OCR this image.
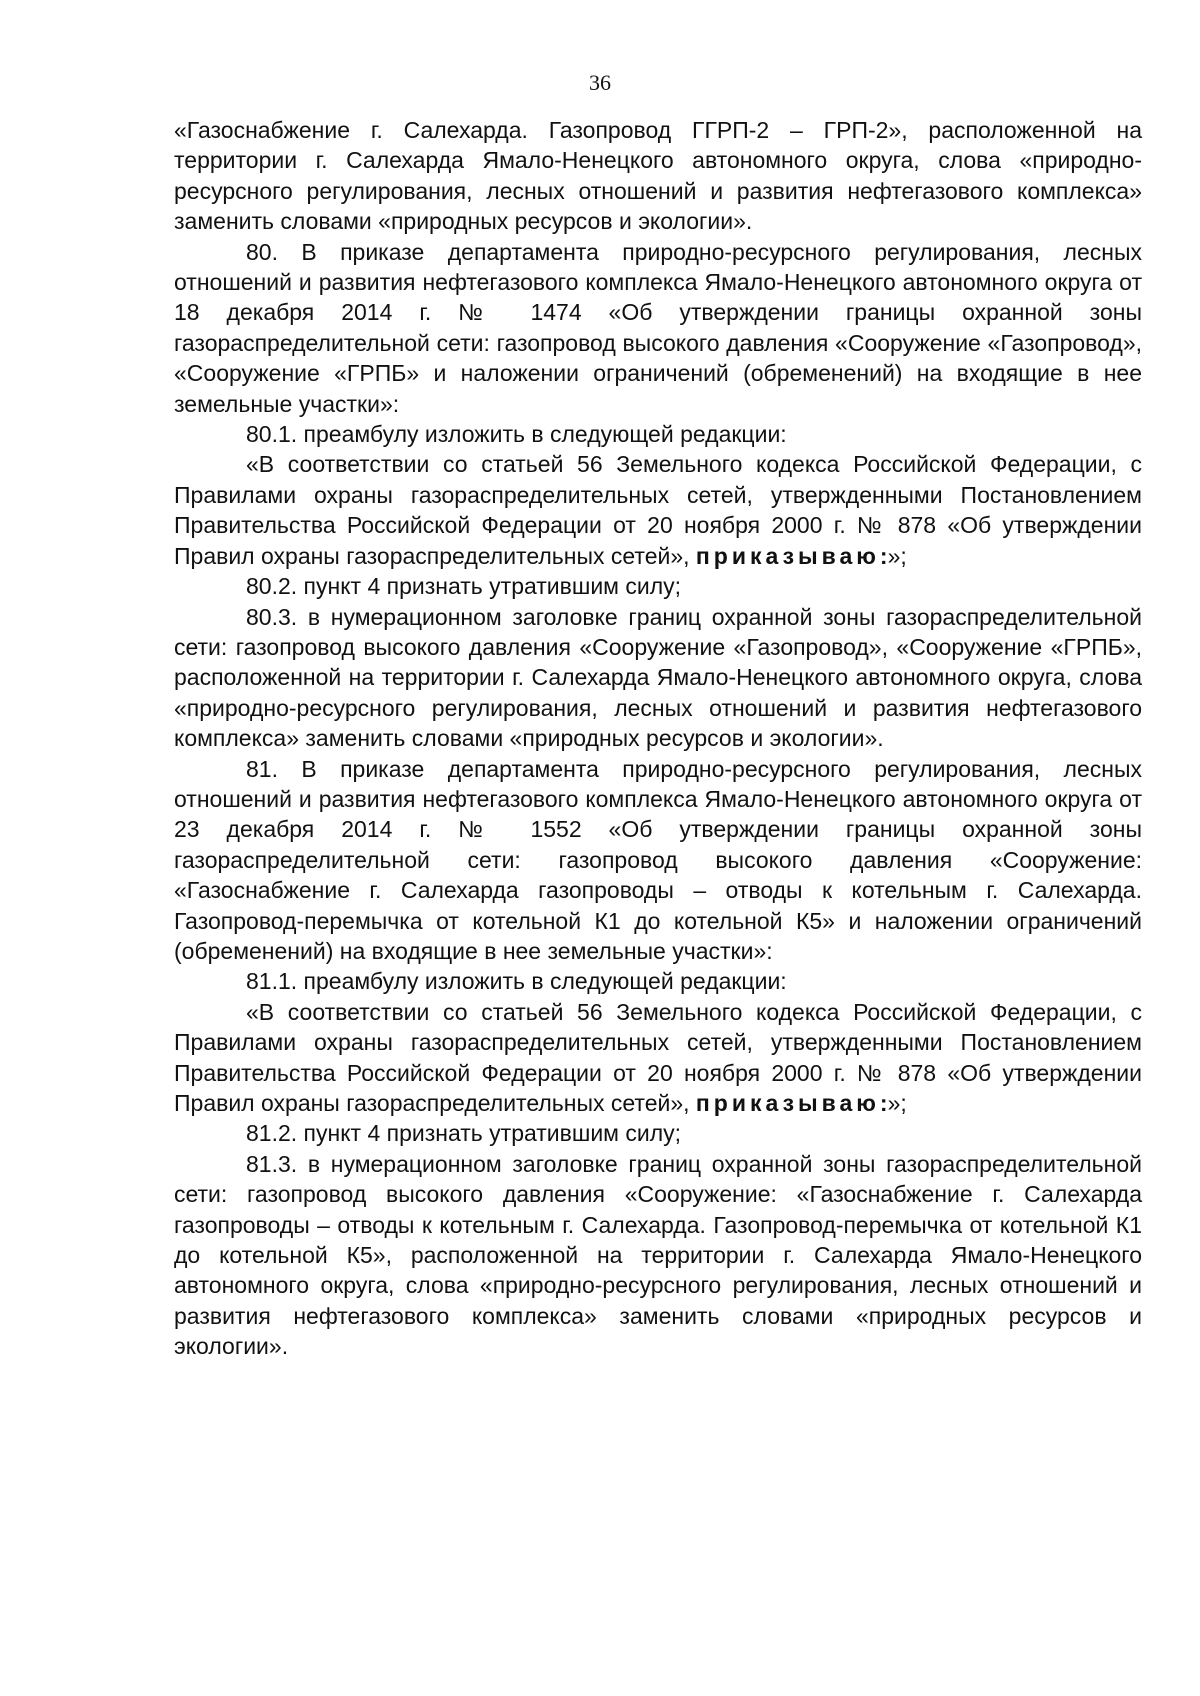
36

«Газоснабжение г. Салехарда. Газопровод ГГРП-2 – ГРП-2», расположенной на территории г. Салехарда Ямало-Ненецкого автономного округа, слова «природно-ресурсного регулирования, лесных отношений и развития нефтегазового комплекса» заменить словами «природных ресурсов и экологии».

80. В приказе департамента природно-ресурсного регулирования, лесных отношений и развития нефтегазового комплекса Ямало-Ненецкого автономного округа от 18 декабря 2014 г. № 1474 «Об утверждении границы охранной зоны газораспределительной сети: газопровод высокого давления «Сооружение «Газопровод», «Сооружение «ГРПБ» и наложении ограничений (обременений) на входящие в нее земельные участки»:

80.1. преамбулу изложить в следующей редакции:

«В соответствии со статьей 56 Земельного кодекса Российской Федерации, с Правилами охраны газораспределительных сетей, утвержденными Постановлением Правительства Российской Федерации от 20 ноября 2000 г. № 878 «Об утверждении Правил охраны газораспределительных сетей», приказываю:»;

80.2. пункт 4 признать утратившим силу;

80.3. в нумерационном заголовке границ охранной зоны газораспределительной сети: газопровод высокого давления «Сооружение «Газопровод», «Сооружение «ГРПБ», расположенной на территории г. Салехарда Ямало-Ненецкого автономного округа, слова «природно-ресурсного регулирования, лесных отношений и развития нефтегазового комплекса» заменить словами «природных ресурсов и экологии».

81. В приказе департамента природно-ресурсного регулирования, лесных отношений и развития нефтегазового комплекса Ямало-Ненецкого автономного округа от 23 декабря 2014 г. № 1552 «Об утверждении границы охранной зоны газораспределительной сети: газопровод высокого давления «Сооружение: «Газоснабжение г. Салехарда газопроводы – отводы к котельным г. Салехарда. Газопровод-перемычка от котельной К1 до котельной К5» и наложении ограничений (обременений) на входящие в нее земельные участки»:

81.1. преамбулу изложить в следующей редакции:

«В соответствии со статьей 56 Земельного кодекса Российской Федерации, с Правилами охраны газораспределительных сетей, утвержденными Постановлением Правительства Российской Федерации от 20 ноября 2000 г. № 878 «Об утверждении Правил охраны газораспределительных сетей», приказываю:»;

81.2. пункт 4 признать утратившим силу;

81.3. в нумерационном заголовке границ охранной зоны газораспределительной сети: газопровод высокого давления «Сооружение: «Газоснабжение г. Салехарда газопроводы – отводы к котельным г. Салехарда. Газопровод-перемычка от котельной К1 до котельной К5», расположенной на территории г. Салехарда Ямало-Ненецкого автономного округа, слова «природно-ресурсного регулирования, лесных отношений и развития нефтегазового комплекса» заменить словами «природных ресурсов и экологии».
